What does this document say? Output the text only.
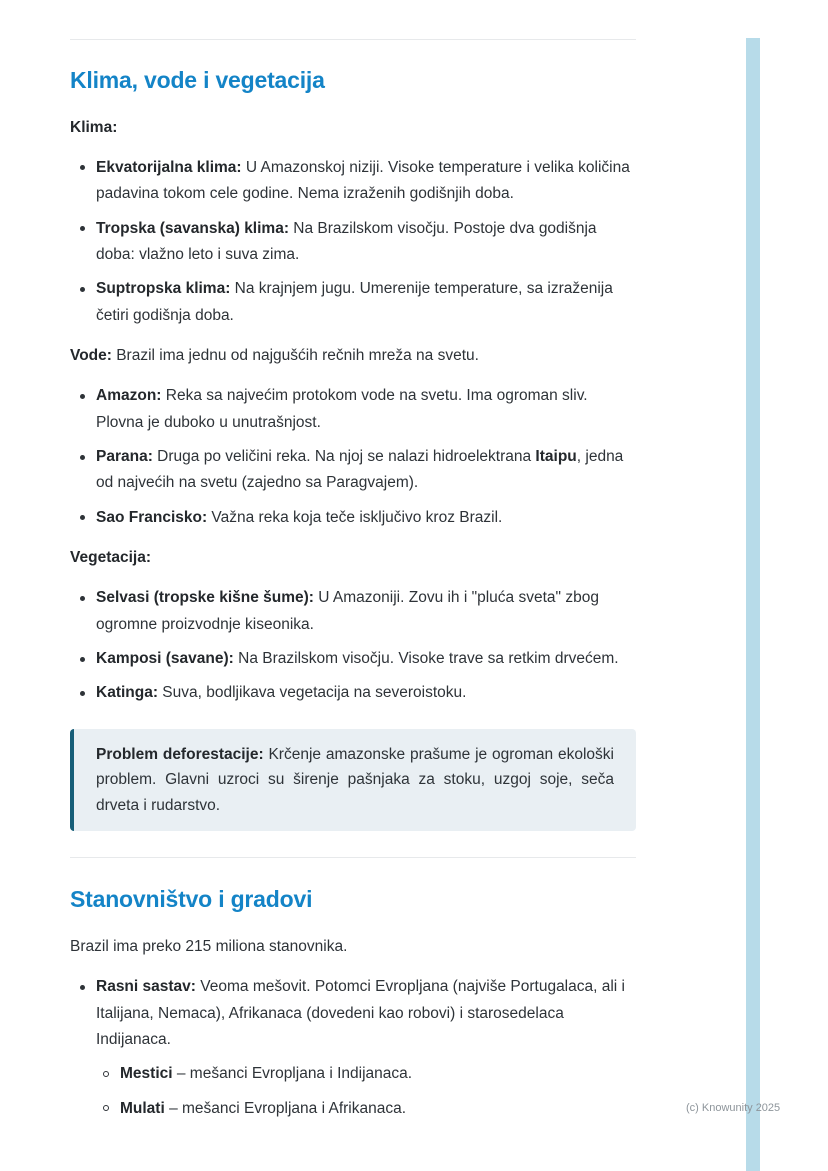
Klima, vode i vegetacija

Klima:

Ekvatorijalna klima: U Amazonskoj niziji. Visoke temperature i velika količina padavina tokom cele godine. Nema izraženih godišnjih doba.
Tropska (savanska) klima: Na Brazilskom visočju. Postoje dva godišnja doba: vlažno leto i suva zima.
Suptropska klima: Na krajnjem jugu. Umerenije temperature, sa izraženija četiri godišnja doba.

Vode: Brazil ima jednu od najgušćih rečnih mreža na svetu.

Amazon: Reka sa najvećim protokom vode na svetu. Ima ogroman sliv. Plovna je duboko u unutrašnjost.
Parana: Druga po veličini reka. Na njoj se nalazi hidroelektrana Itaipu, jedna od najvećih na svetu (zajedno sa Paragvajem).
Sao Francisko: Važna reka koja teče isključivo kroz Brazil.

Vegetacija:

Selvasi (tropske kišne šume): U Amazoniji. Zovu ih i "pluća sveta" zbog ogromne proizvodnje kiseonika.
Kamposi (savane): Na Brazilskom visočju. Visoke trave sa retkim drvećem.
Katinga: Suva, bodljikava vegetacija na severoistoku.

Problem deforestacije: Krčenje amazonske prašume je ogroman ekološki problem. Glavni uzroci su širenje pašnjaka za stoku, uzgoj soje, seča drveta i rudarstvo.

Stanovništvo i gradovi

Brazil ima preko 215 miliona stanovnika.

Rasni sastav: Veoma mešovit. Potomci Evropljana (najviše Portugalaca, ali i Italijana, Nemaca), Afrikanaca (dovedeni kao robovi) i starosedelaca Indijanaca.
Mestici – mešanci Evropljana i Indijanaca.
Mulati – mešanci Evropljana i Afrikanaca.	(c) Knowunity 2025
